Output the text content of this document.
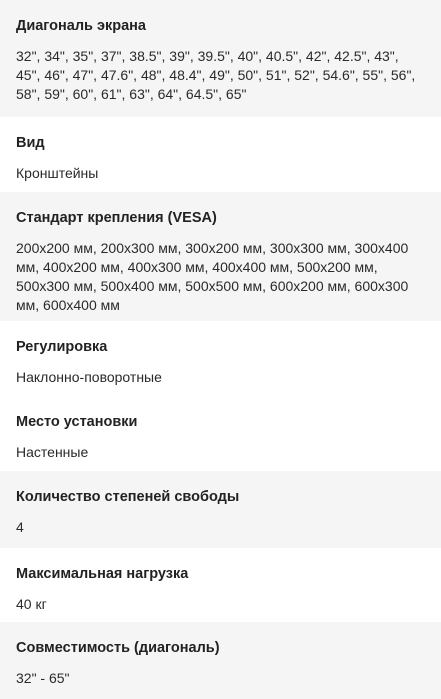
Диагональ экрана
32", 34", 35", 37", 38.5", 39", 39.5", 40", 40.5", 42", 42.5", 43", 45", 46", 47", 47.6", 48", 48.4", 49", 50", 51", 52", 54.6", 55", 56", 58", 59", 60", 61", 63", 64", 64.5", 65"
Вид
Кронштейны
Стандарт крепления (VESA)
200x200 мм, 200x300 мм, 300x200 мм, 300x300 мм, 300x400 мм, 400x200 мм, 400x300 мм, 400x400 мм, 500x200 мм, 500x300 мм, 500x400 мм, 500x500 мм, 600x200 мм, 600x300 мм, 600x400 мм
Регулировка
Наклонно-поворотные
Место установки
Настенные
Количество степеней свободы
4
Максимальная нагрузка
40 кг
Совместимость (диагональ)
32" - 65"
